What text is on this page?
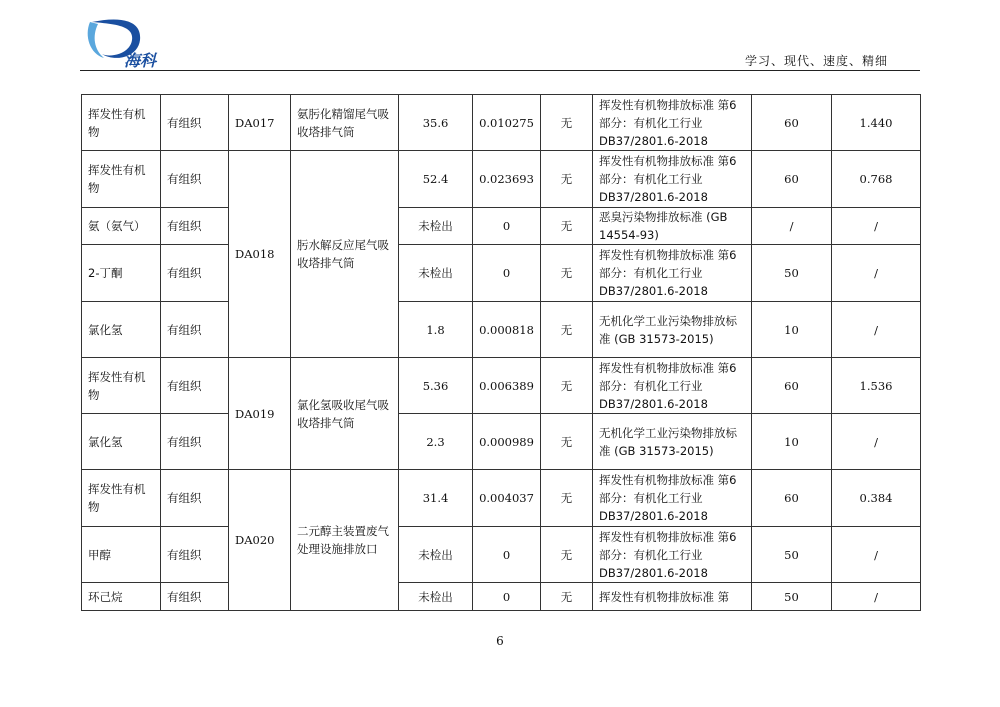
海科	学习、现代、速度、精细
挥发性有机物	有组织	DA017	氨肟化精馏尾气吸收塔排气筒	35.6	0.010275	无	挥发性有机物排放标准 第6部分：有机化工行业DB37/2801.6-2018	60	1.440
挥发性有机物	有组织	DA018	肟水解反应尾气吸收塔排气筒	52.4	0.023693	无	挥发性有机物排放标准 第6部分：有机化工行业DB37/2801.6-2018	60	0.768
氨（氨气）	有组织			未检出	0	无	恶臭污染物排放标准 (GB 14554-93)	/	/
2-丁酮	有组织			未检出	0	无	挥发性有机物排放标准 第6部分：有机化工行业DB37/2801.6-2018	50	/
氯化氢	有组织			1.8	0.000818	无	无机化学工业污染物排放标准 (GB 31573-2015)	10	/
挥发性有机物	有组织	DA019	氯化氢吸收尾气吸收塔排气筒	5.36	0.006389	无	挥发性有机物排放标准 第6部分：有机化工行业DB37/2801.6-2018	60	1.536
氯化氢	有组织			2.3	0.000989	无	无机化学工业污染物排放标准 (GB 31573-2015)	10	/
挥发性有机物	有组织	DA020	二元醇主装置废气处理设施排放口	31.4	0.004037	无	挥发性有机物排放标准 第6部分：有机化工行业DB37/2801.6-2018	60	0.384
甲醇	有组织			未检出	0	无	挥发性有机物排放标准 第6部分：有机化工行业DB37/2801.6-2018	50	/
环己烷	有组织			未检出	0	无	挥发性有机物排放标准 第	50	/
6
